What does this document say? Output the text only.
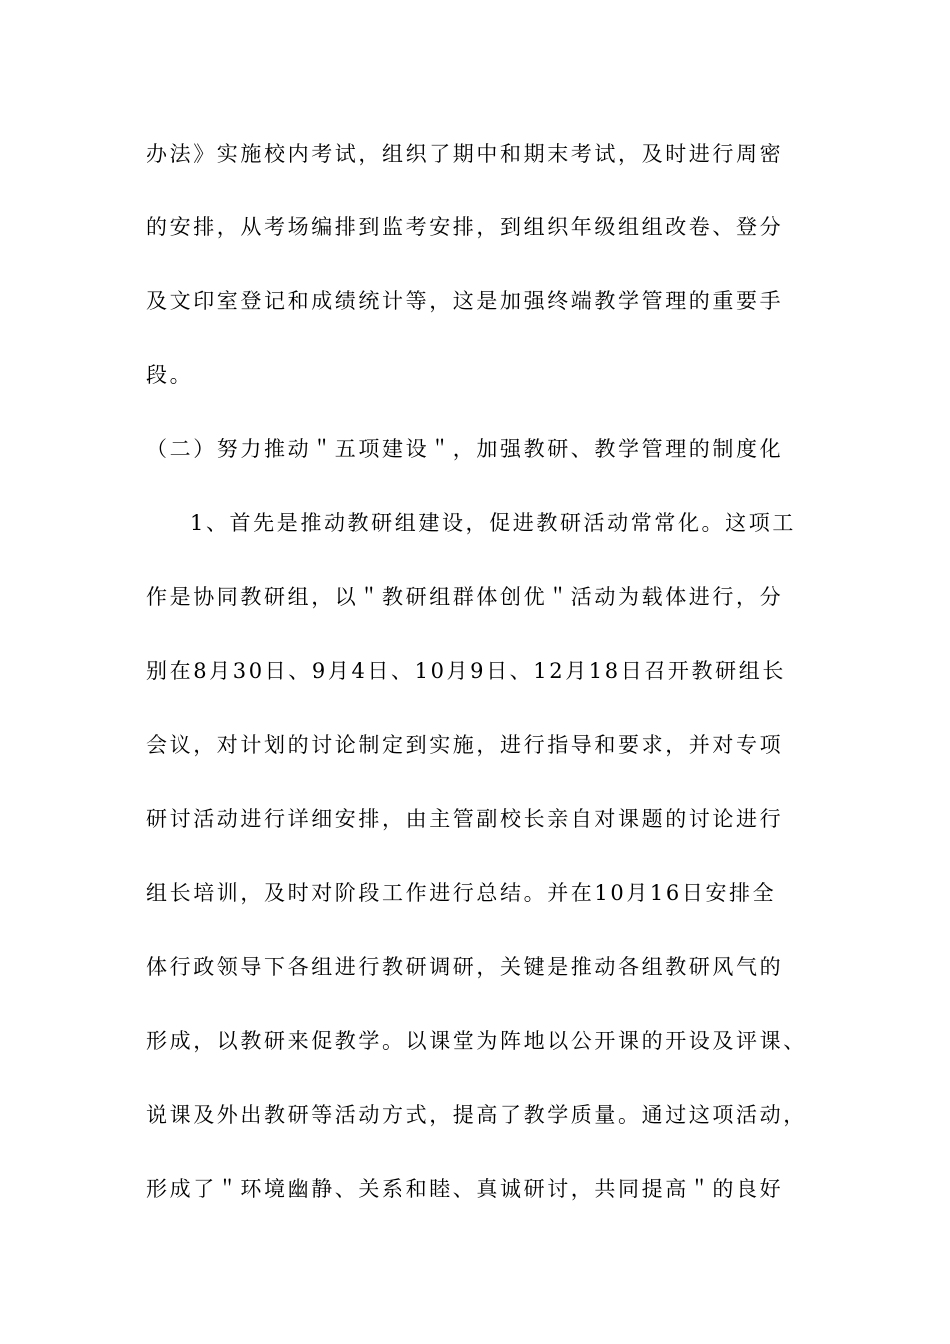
办法》实施校内考试，组织了期中和期末考试，及时进行周密
的安排，从考场编排到监考安排，到组织年级组组改卷、登分
及文印室登记和成绩统计等，这是加强终端教学管理的重要手
段。
（二）努力推动＂五项建设＂，加强教研、教学管理的制度化
1、首先是推动教研组建设，促进教研活动常常化。这项工
作是协同教研组，以＂教研组群体创优＂活动为载体进行，分
别在8月30日、9月4日、10月9日、12月18日召开教研组长
会议，对计划的讨论制定到实施，进行指导和要求，并对专项
研讨活动进行详细安排，由主管副校长亲自对课题的讨论进行
组长培训，及时对阶段工作进行总结。并在10月16日安排全
体行政领导下各组进行教研调研，关键是推动各组教研风气的
形成，以教研来促教学。以课堂为阵地以公开课的开设及评课、
说课及外出教研等活动方式，提高了教学质量。通过这项活动，
形成了＂环境幽静、关系和睦、真诚研讨，共同提高＂的良好
